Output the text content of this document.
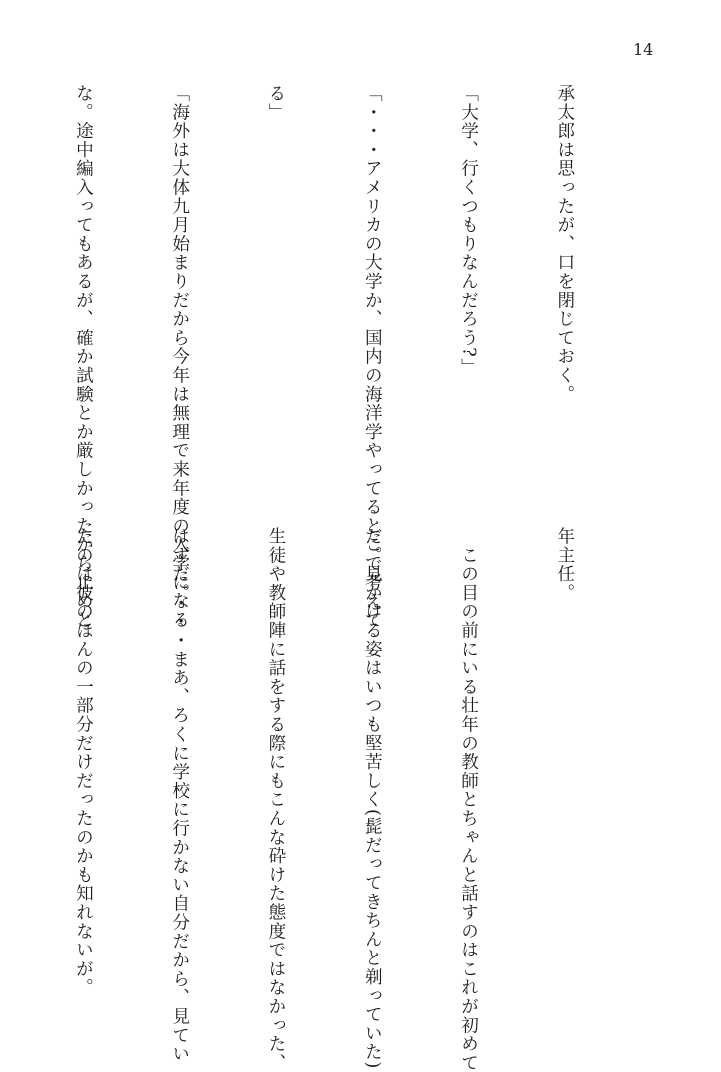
14

承太郎は思ったが、口を閉じておく。

「大学、行くつもりなんだろう?」

「・・・アメリカの大学か、国内の海洋学やってるとこで考えて

る」

「海外は大体九月始まりだから今年は無理で来年度の入学になる

な。途中編入ってもあるが、確か試験とか厳しかったから止めと

	年主任。

　この目の前にいる壮年の教師とちゃんと話すのはこれが初めて

だ。見かける姿はいつも堅苦しく(髭だってきちんと剃っていた)

生徒や教師陣に話をする際にもこんな砕けた態度ではなかった、

はずだ。・・・まあ、ろくに学校に行かない自分だから、見てい

たのは彼のほんの一部分だけだったのかも知れないが。
